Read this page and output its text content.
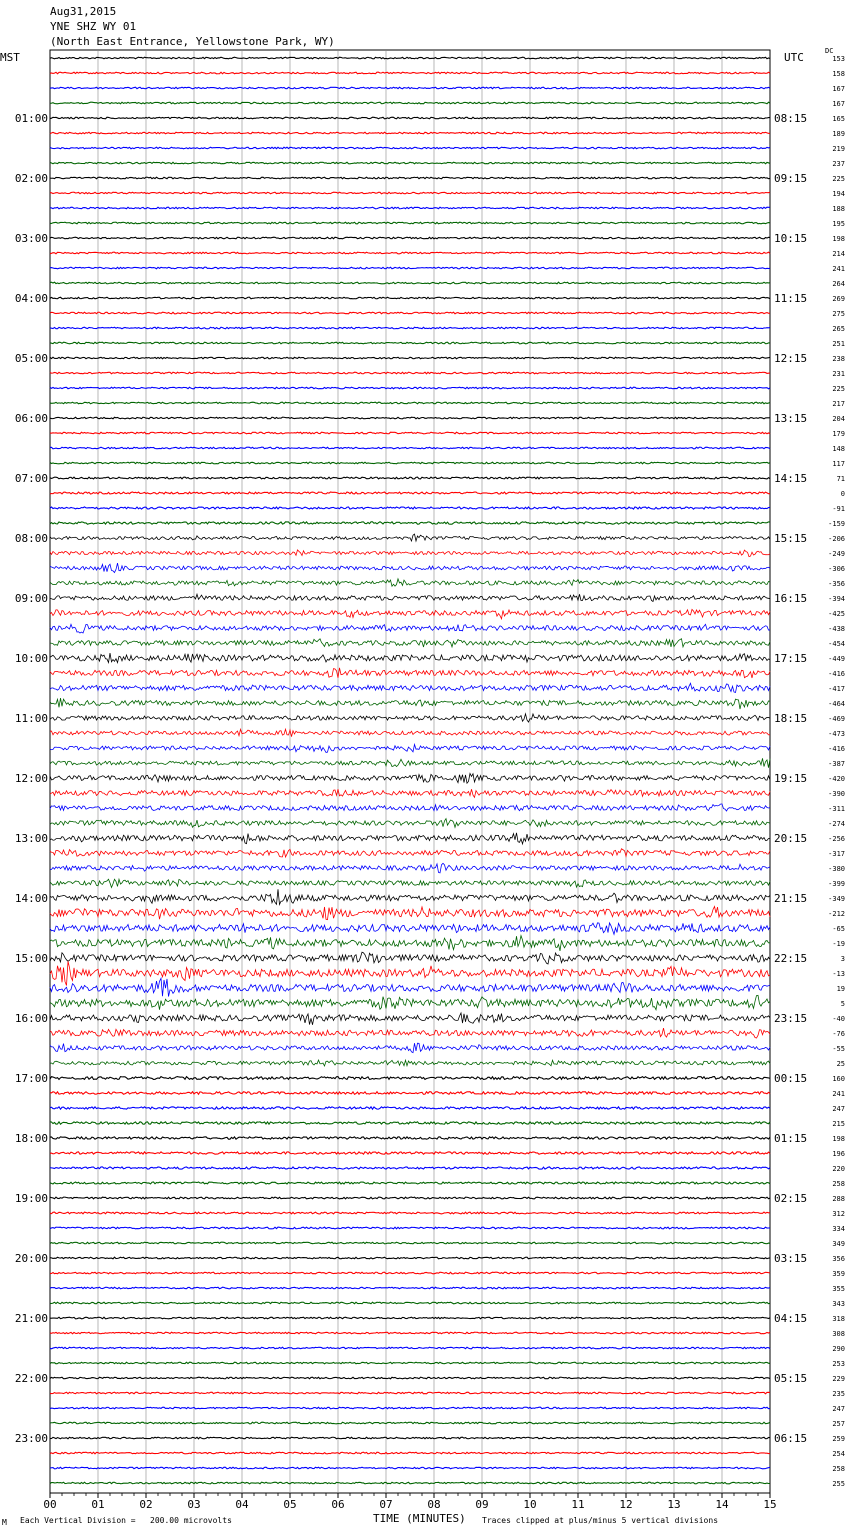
Aug31,2015
YNE SHZ WY 01
(North East Entrance, Yellowstone Park, WY)
MST	UTC	DC
00	01	02	03	04	05	06	07	08	09	10	11	12	13	14	15
153
158
167
167
165
189
219
237
225
194
188
195
198
214
241
264
269
275
265
251
238
231
225
217
204
179
148
117
71
0
-91
-159
-206
-249
-306
-356
-394
-425
-438
-454
-449
-416
-417
-464
-469
-473
-416
-387
-420
-390
-311
-274
-256
-317
-380
-399
-349
-212
-65
-19
3
-13
19
5
-40
-76
-55
25
160
241
247
215
198
196
220
258
288
312
334
349
356
359
355
343
318
308
290
253
229
235
247
257
259
254
258
255
01:00
02:00
03:00
04:00
05:00
06:00
07:00
08:00
09:00
10:00
11:00
12:00
13:00
14:00
15:00
16:00
17:00
18:00
19:00
20:00
21:00
22:00
23:00
08:15
09:15
10:15
11:15
12:15
13:15
14:15
15:15
16:15
17:15
18:15
19:15
20:15
21:15
22:15
23:15
00:15
01:15
02:15
03:15
04:15
05:15
06:15
M Each Vertical Division = 200.00 microvolts	TIME (MINUTES) Traces clipped at plus/minus 5 vertical divisions
